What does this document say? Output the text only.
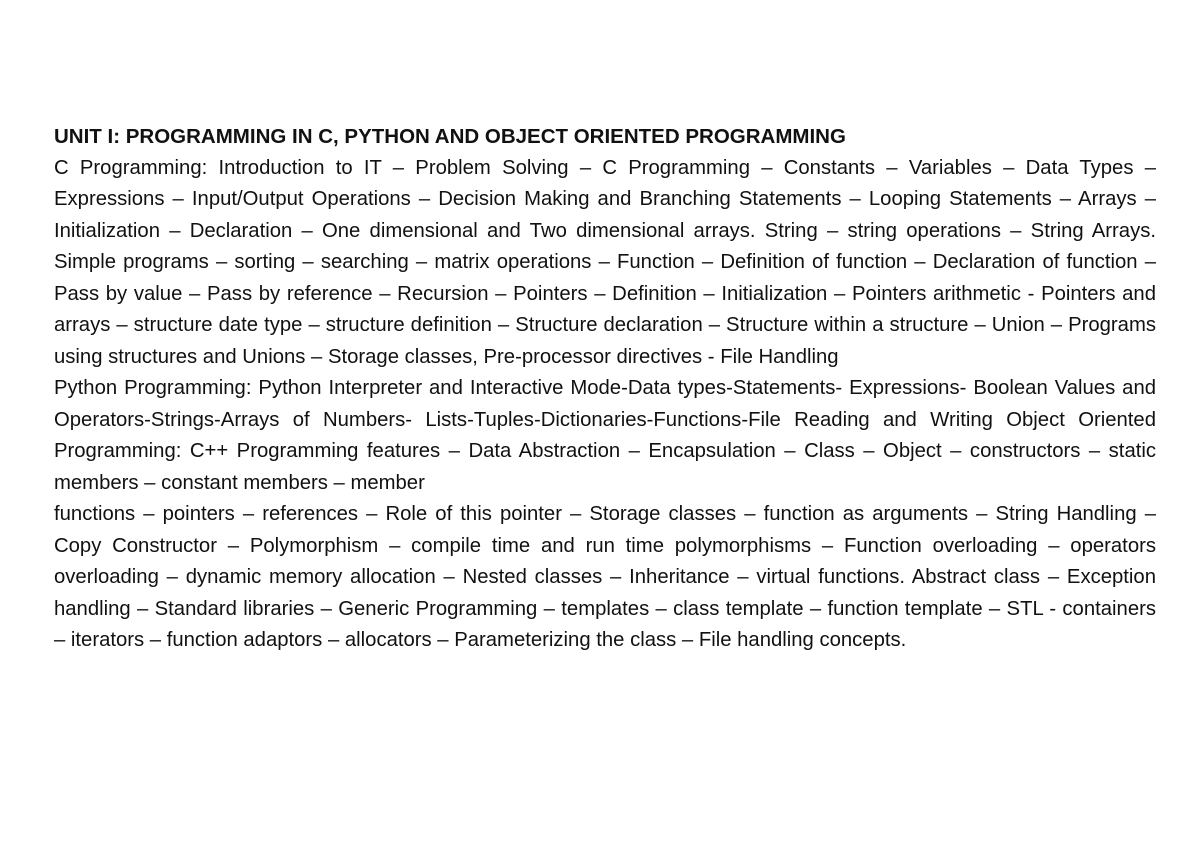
UNIT I: PROGRAMMING IN C, PYTHON AND OBJECT ORIENTED PROGRAMMING

C Programming: Introduction to IT – Problem Solving – C Programming – Constants – Variables – Data Types – Expressions – Input/Output Operations – Decision Making and Branching Statements – Looping Statements – Arrays – Initialization – Declaration – One dimensional and Two dimensional arrays. String – string operations – String Arrays. Simple programs – sorting – searching – matrix operations – Function – Definition of function – Declaration of function – Pass by value – Pass by reference – Recursion – Pointers – Definition – Initialization – Pointers arithmetic - Pointers and arrays – structure date type – structure definition – Structure declaration – Structure within a structure – Union – Programs using structures and Unions – Storage classes, Pre-processor directives - File Handling

Python Programming: Python Interpreter and Interactive Mode-Data types-Statements- Expressions- Boolean Values and Operators-Strings-Arrays of Numbers- Lists-Tuples-Dictionaries-Functions-File Reading and Writing Object Oriented Programming: C++ Programming features – Data Abstraction – Encapsulation – Class – Object – constructors – static members – constant members – member

functions – pointers – references – Role of this pointer – Storage classes – function as arguments – String Handling – Copy Constructor – Polymorphism – compile time and run time polymorphisms – Function overloading – operators overloading – dynamic memory allocation – Nested classes – Inheritance – virtual functions. Abstract class – Exception handling – Standard libraries – Generic Programming – templates – class template – function template – STL - containers – iterators – function adaptors – allocators – Parameterizing the class – File handling concepts.
